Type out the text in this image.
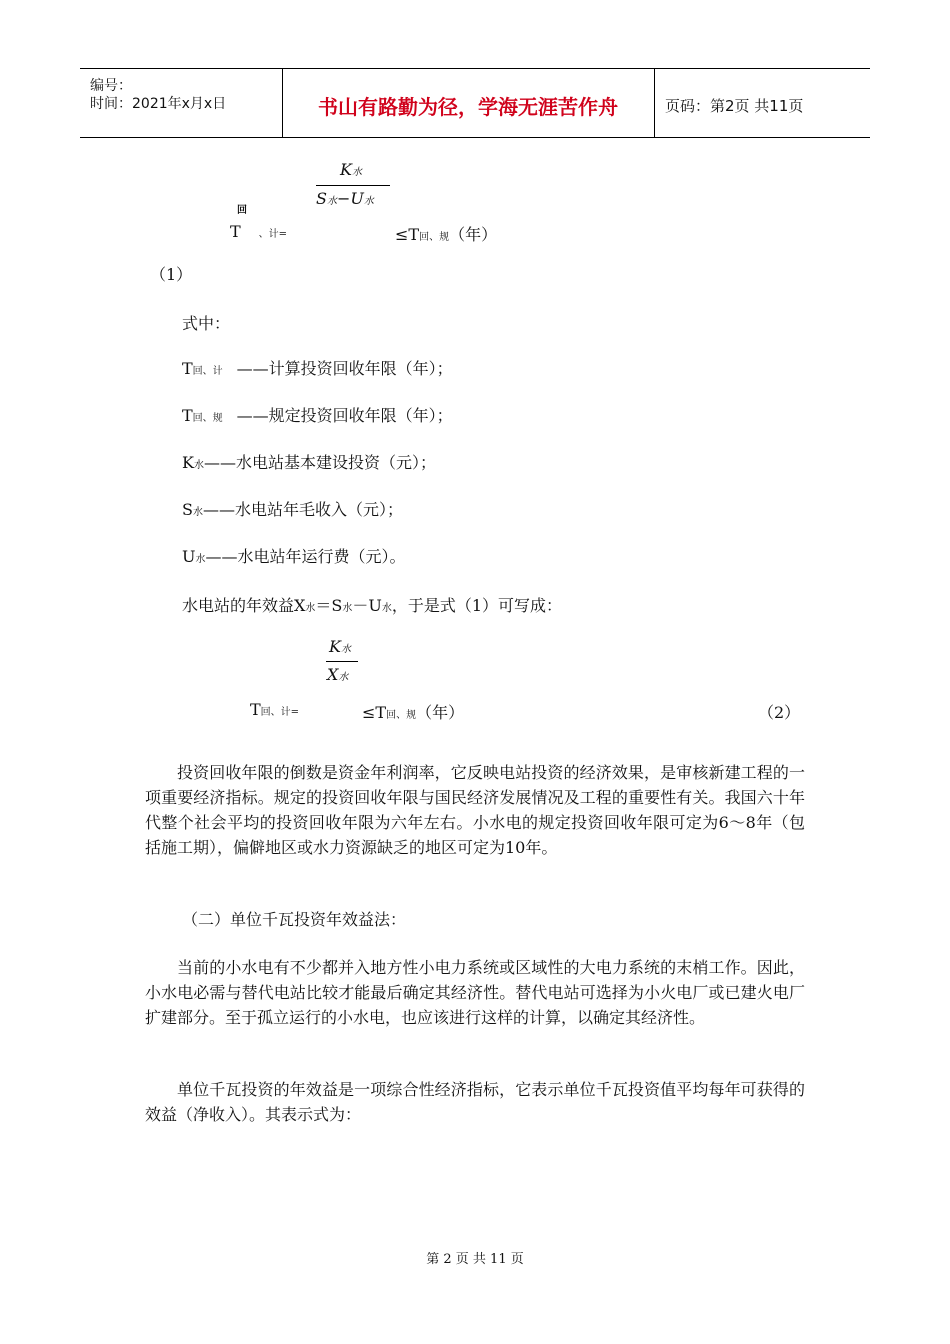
编号：
时间：2021年x月x日	书山有路勤为径，学海无涯苦作舟	页码：第2页 共11页
K水
S水−U水
回
T 、计=	≤T回、规（年）
（1）
式中：
T回、计 ——计算投资回收年限（年）；
T回、规 ——规定投资回收年限（年）；
K水——水电站基本建设投资（元）；
S水——水电站年毛收入（元）；
U水——水电站年运行费（元）。
水电站的年效益X水＝S水－U水，于是式（1）可写成：
K水
X水
T回、计=	≤T回、规（年）	（2）
投资回收年限的倒数是资金年利润率，它反映电站投资的经济效果，是审核新建工程的一项重要经济指标。规定的投资回收年限与国民经济发展情况及工程的重要性有关。我国六十年代整个社会平均的投资回收年限为六年左右。小水电的规定投资回收年限可定为6～8年（包括施工期），偏僻地区或水力资源缺乏的地区可定为10年。
（二）单位千瓦投资年效益法：
当前的小水电有不少都并入地方性小电力系统或区域性的大电力系统的末梢工作。因此，小水电必需与替代电站比较才能最后确定其经济性。替代电站可选择为小火电厂或已建火电厂扩建部分。至于孤立运行的小水电，也应该进行这样的计算，以确定其经济性。
单位千瓦投资的年效益是一项综合性经济指标，它表示单位千瓦投资值平均每年可获得的效益（净收入）。其表示式为：
第 2 页 共 11 页
